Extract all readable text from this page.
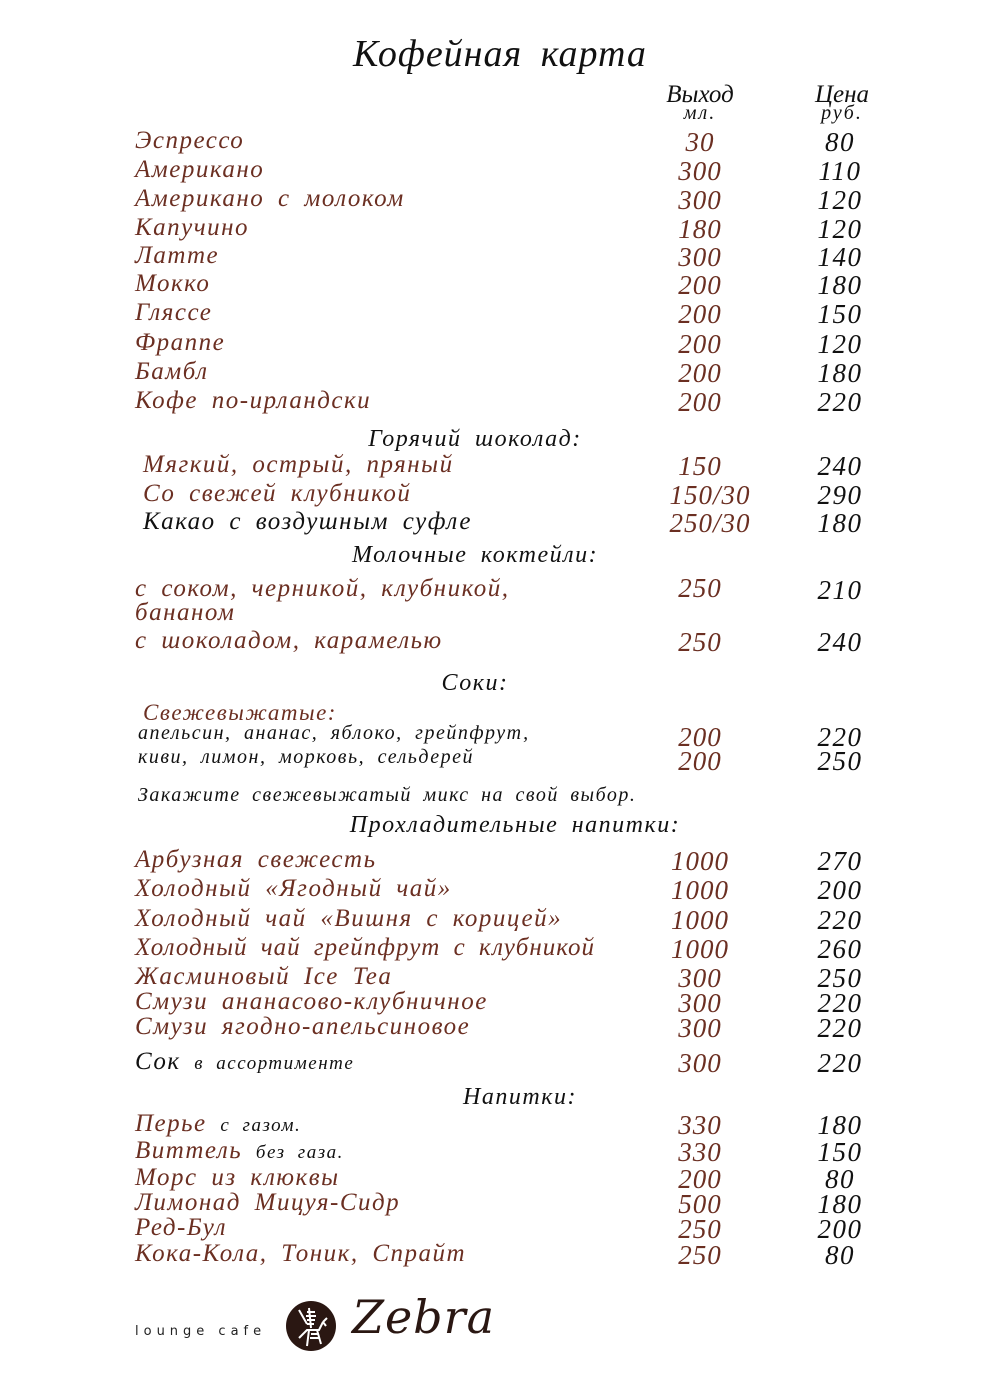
Кофейная карта
Выход
мл.
Цена
руб.
Эспрессо	30	80
Американо	300	110
Американо с молоком	300	120
Капучино	180	120
Латте	300	140
Мокко	200	180
Гляссе	200	150
Фраппе	200	120
Бамбл	200	180
Кофе по-ирландски	200	220
Горячий шоколад:
Мягкий, острый, пряный	150	240
Со свежей клубникой	150/30	290
Какао с воздушным суфле	250/30	180
Молочные коктейли:
с соком, черникой, клубникой,
бананом
250	210
с шоколадом, карамелью	250	240
Соки:
Свежевыжатые:
апельсин, ананас, яблоко, грейпфрут,	200	220
киви, лимон, морковь, сельдерей	200	250
Закажите свежевыжатый микс на свой выбор.
Прохладительные напитки:
Арбузная свежесть	1000	270
Холодный «Ягодный чай»	1000	200
Холодный чай «Вишня с корицей»	1000	220
Холодный чай грейпфрут с клубникой	1000	260
Жасминовый Ice Tea	300	250
Смузи ананасово-клубничное	300	220
Смузи ягодно-апельсиновое	300	220
Сок в ассортименте	300	220
Напитки:
Перье с газом.	330	180
Виттель без газа.	330	150
Морс из клюквы	200	80
Лимонад Мицуя-Сидр	500	180
Ред-Бул	250	200
Кока-Кола, Тоник, Спрайт	250	80
lounge cafe Zebra
